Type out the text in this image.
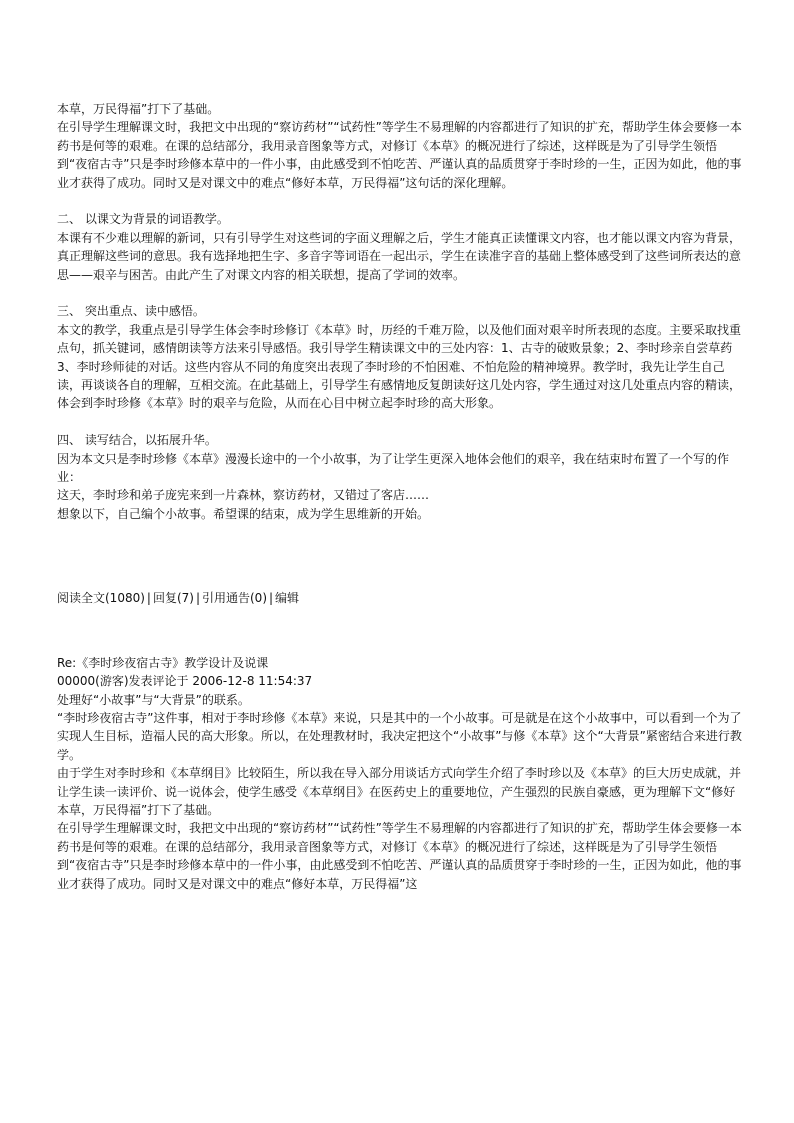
本草，万民得福”打下了基础。

在引导学生理解课文时，我把文中出现的“察访药材”“试药性”等学生不易理解的内容都进行了知识的扩充，帮助学生体会要修一本药书是何等的艰难。在课的总结部分，我用录音图象等方式，对修订《本草》的概况进行了综述，这样既是为了引导学生领悟到“夜宿古寺”只是李时珍修本草中的一件小事，由此感受到不怕吃苦、严谨认真的品质贯穿于李时珍的一生，正因为如此，他的事业才获得了成功。同时又是对课文中的难点“修好本草，万民得福”这句话的深化理解。

二、 以课文为背景的词语教学。

本课有不少难以理解的新词，只有引导学生对这些词的字面义理解之后，学生才能真正读懂课文内容，也才能以课文内容为背景，真正理解这些词的意思。我有选择地把生字、多音字等词语在一起出示，学生在读准字音的基础上整体感受到了这些词所表达的意思——艰辛与困苦。由此产生了对课文内容的相关联想，提高了学词的效率。

三、 突出重点、读中感悟。

本文的教学，我重点是引导学生体会李时珍修订《本草》时，历经的千难万险，以及他们面对艰辛时所表现的态度。主要采取找重点句，抓关键词，感情朗读等方法来引导感悟。我引导学生精读课文中的三处内容：1、古寺的破败景象；2、李时珍亲自尝草药 3、李时珍师徒的对话。这些内容从不同的角度突出表现了李时珍的不怕困难、不怕危险的精神境界。教学时，我先让学生自己读，再谈谈各自的理解，互相交流。在此基础上，引导学生有感情地反复朗读好这几处内容，学生通过对这几处重点内容的精读，体会到李时珍修《本草》时的艰辛与危险，从而在心目中树立起李时珍的高大形象。

四、 读写结合，以拓展升华。

因为本文只是李时珍修《本草》漫漫长途中的一个小故事，为了让学生更深入地体会他们的艰辛，我在结束时布置了一个写的作业：

这天，李时珍和弟子庞宪来到一片森林，察访药材，又错过了客店……

想象以下，自己编个小故事。希望课的结束，成为学生思维新的开始。

阅读全文(1080) | 回复(7) | 引用通告(0) | 编辑

Re:《李时珍夜宿古寺》教学设计及说课

00000(游客)发表评论于 2006-12-8 11:54:37

处理好“小故事”与“大背景”的联系。

“李时珍夜宿古寺”这件事，相对于李时珍修《本草》来说，只是其中的一个小故事。可是就是在这个小故事中，可以看到一个为了实现人生目标，造福人民的高大形象。所以，在处理教材时，我决定把这个“小故事”与修《本草》这个“大背景”紧密结合来进行教学。

由于学生对李时珍和《本草纲目》比较陌生，所以我在导入部分用谈话方式向学生介绍了李时珍以及《本草》的巨大历史成就，并让学生读一读评价、说一说体会，使学生感受《本草纲目》在医药史上的重要地位，产生强烈的民族自豪感，更为理解下文“修好本草，万民得福”打下了基础。

在引导学生理解课文时，我把文中出现的“察访药材”“试药性”等学生不易理解的内容都进行了知识的扩充，帮助学生体会要修一本药书是何等的艰难。在课的总结部分，我用录音图象等方式，对修订《本草》的概况进行了综述，这样既是为了引导学生领悟到“夜宿古寺”只是李时珍修本草中的一件小事，由此感受到不怕吃苦、严谨认真的品质贯穿于李时珍的一生，正因为如此，他的事业才获得了成功。同时又是对课文中的难点“修好本草，万民得福”这
